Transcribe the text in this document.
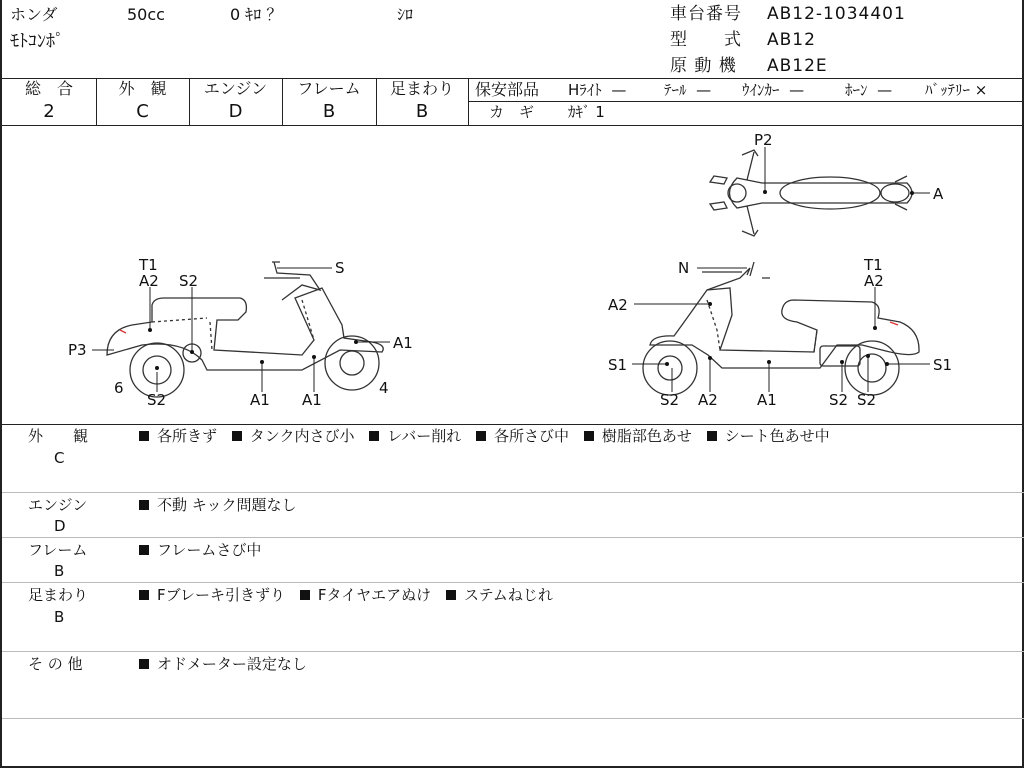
ホンダ	50cc	0 ｷﾛ ？	ｼﾛ
ﾓﾄｺﾝﾎﾟ
車台番号 AB12-1034401
型　　式 AB12
原 動 機 AB12E
総　合
2
外　観
C
エンジン
D
フレーム
B
足まわり
B
保安部品 Hﾗｲﾄ —	ﾃｰﾙ — ｳｲﾝｶｰ —	ﾎｰﾝ — ﾊﾞｯﾃﾘｰ ×
カ　ギ ｶｷﾞ 1
P2
A
T1
A2 S2
S
P3	A1
6
S2	A1 A1
4
N	T1
A2
A2
S1	S1
S2 A2	A1	S2 S2
外　　観
C
各所きず タンク内さび小 レバー削れ 各所さび中 樹脂部色あせ シート色あせ中
エンジン
D
不動 キック問題なし
フレーム
B
フレームさび中
足まわり
B
Fブレーキ引きずり Fタイヤエアぬけ ステムねじれ
そ の 他	オドメーター設定なし
